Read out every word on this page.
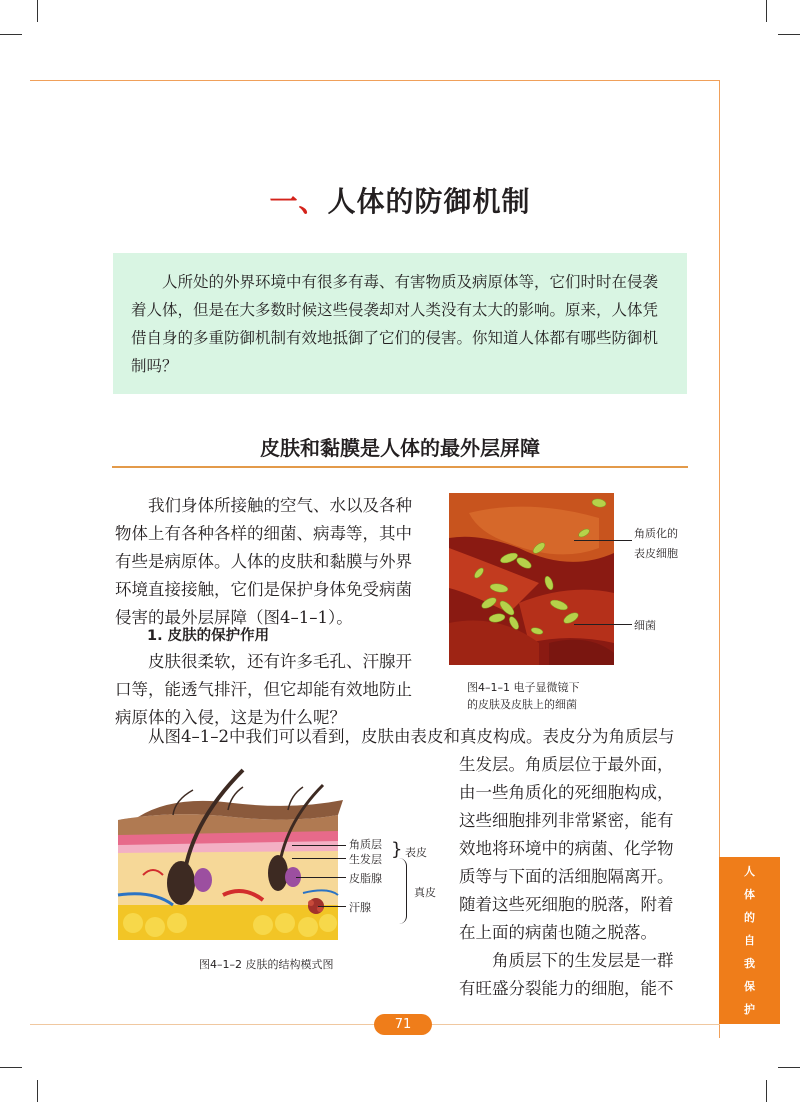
一、人体的防御机制
人所处的外界环境中有很多有毒、有害物质及病原体等，它们时时在侵袭着人体，但是在大多数时候这些侵袭却对人类没有太大的影响。原来，人体凭借自身的多重防御机制有效地抵御了它们的侵害。你知道人体都有哪些防御机制吗？
皮肤和黏膜是人体的最外层屏障
我们身体所接触的空气、水以及各种
物体上有各种各样的细菌、病毒等，其中
有些是病原体。人体的皮肤和黏膜与外界
环境直接接触，它们是保护身体免受病菌
侵害的最外层屏障（图4–1–1）。
1. 皮肤的保护作用
皮肤很柔软，还有许多毛孔、汗腺开
口等，能透气排汗，但它却能有效地防止
病原体的入侵，这是为什么呢？
从图4–1–2中我们可以看到，皮肤由表皮和真皮构成。表皮分为角质层与
生发层。角质层位于最外面，
由一些角质化的死细胞构成，
这些细胞排列非常紧密，能有
效地将环境中的病菌、化学物
质等与下面的活细胞隔离开。
随着这些死细胞的脱落，附着
在上面的病菌也随之脱落。
角质层下的生发层是一群
有旺盛分裂能力的细胞，能不
角质化的
表皮细胞
细菌
图4–1–1 电子显微镜下
的皮肤及皮肤上的细菌
角质层
生发层
皮脂腺
汗腺
} 表皮
真皮
图4–1–2 皮肤的结构模式图
人
体
的
自
我
保
护
71
